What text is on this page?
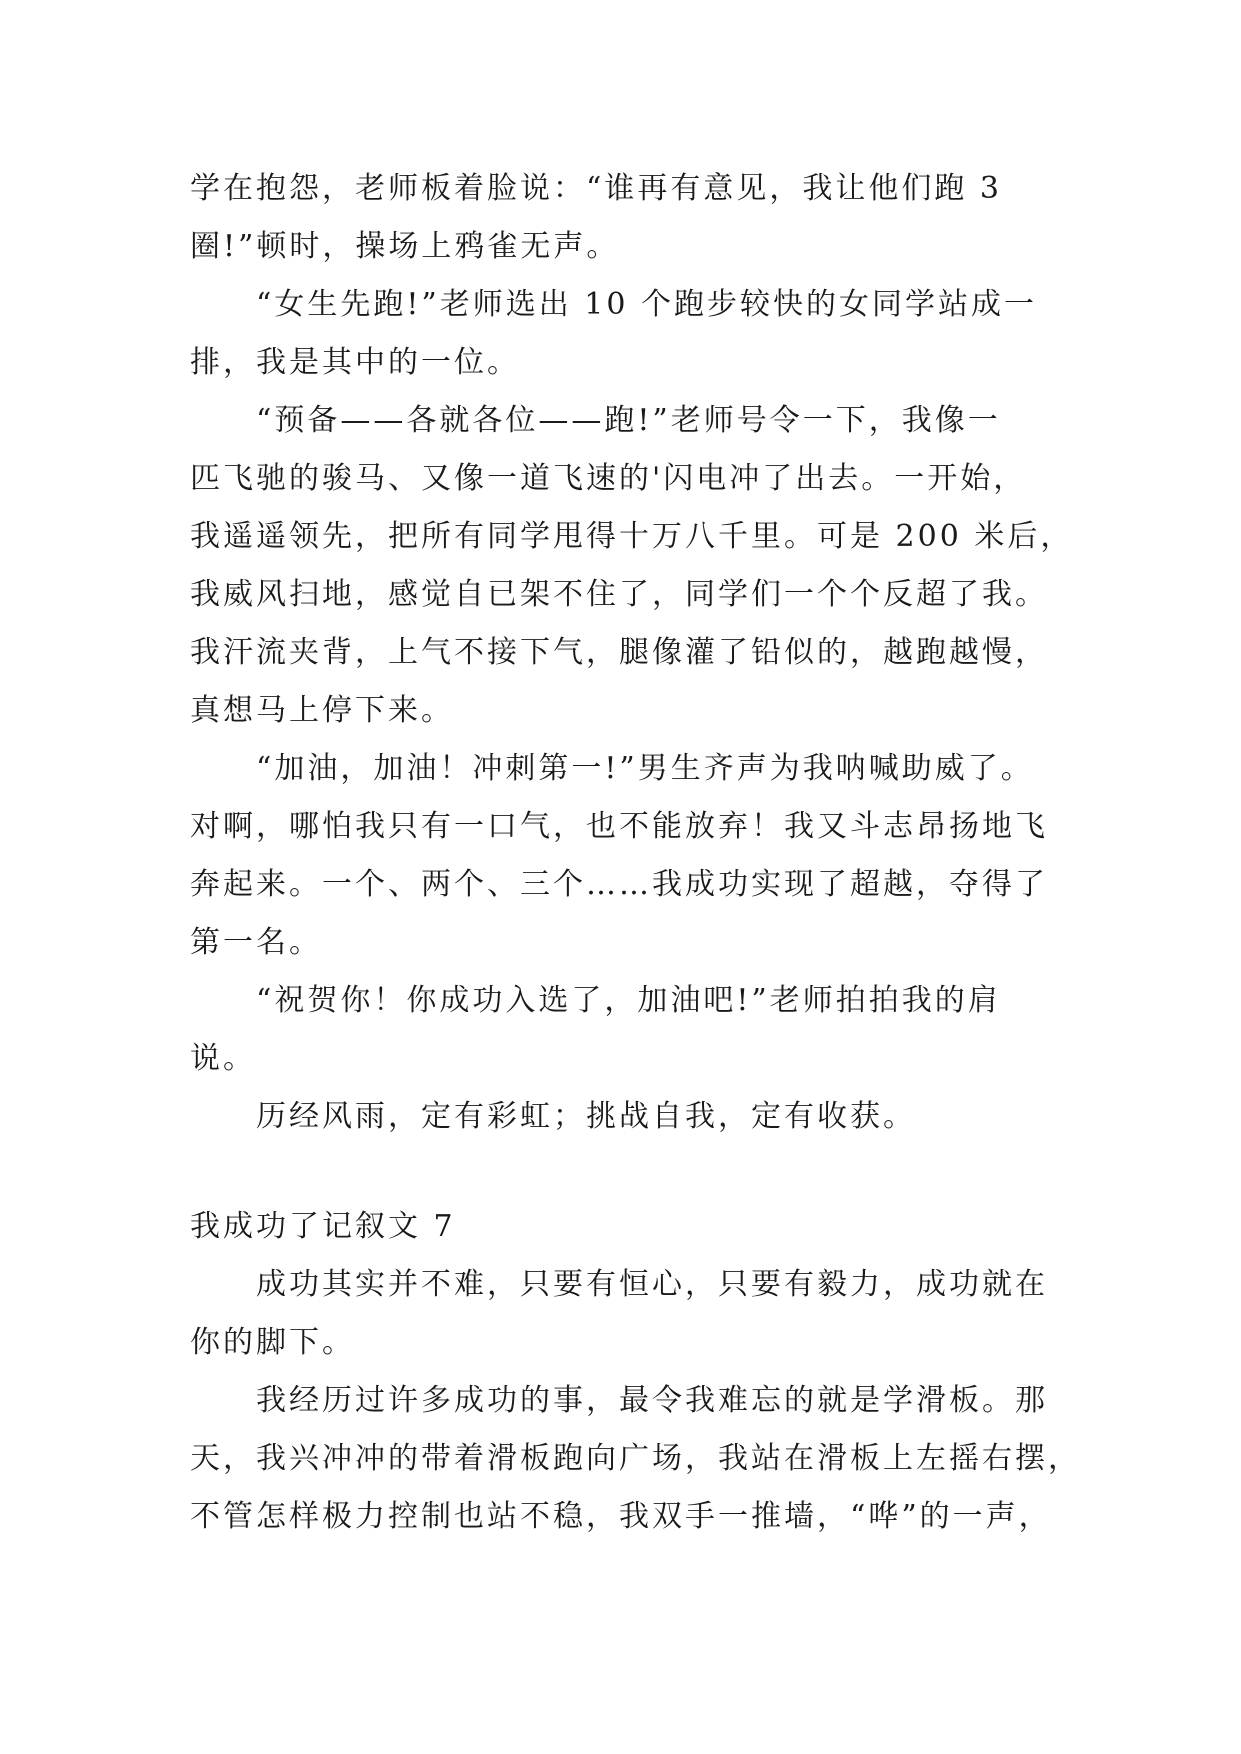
学在抱怨，老师板着脸说：“谁再有意见，我让他们跑 3
圈!”顿时，操场上鸦雀无声。
　　“女生先跑!”老师选出 10 个跑步较快的女同学站成一
排，我是其中的一位。
　　“预备——各就各位——跑!”老师号令一下，我像一
匹飞驰的骏马、又像一道飞速的'闪电冲了出去。一开始，
我遥遥领先，把所有同学甩得十万八千里。可是 200 米后，
我威风扫地，感觉自已架不住了，同学们一个个反超了我。
我汗流夹背，上气不接下气，腿像灌了铅似的，越跑越慢，
真想马上停下来。
　　“加油，加油！冲刺第一!”男生齐声为我呐喊助威了。
对啊，哪怕我只有一口气，也不能放弃！我又斗志昂扬地飞
奔起来。一个、两个、三个……我成功实现了超越，夺得了
第一名。
　　“祝贺你！你成功入选了，加油吧!”老师拍拍我的肩
说。
　　历经风雨，定有彩虹；挑战自我，定有收获。
我成功了记叙文 7
　　成功其实并不难，只要有恒心，只要有毅力，成功就在
你的脚下。
　　我经历过许多成功的事，最令我难忘的就是学滑板。那
天，我兴冲冲的带着滑板跑向广场，我站在滑板上左摇右摆，
不管怎样极力控制也站不稳，我双手一推墙，“哗”的一声，
